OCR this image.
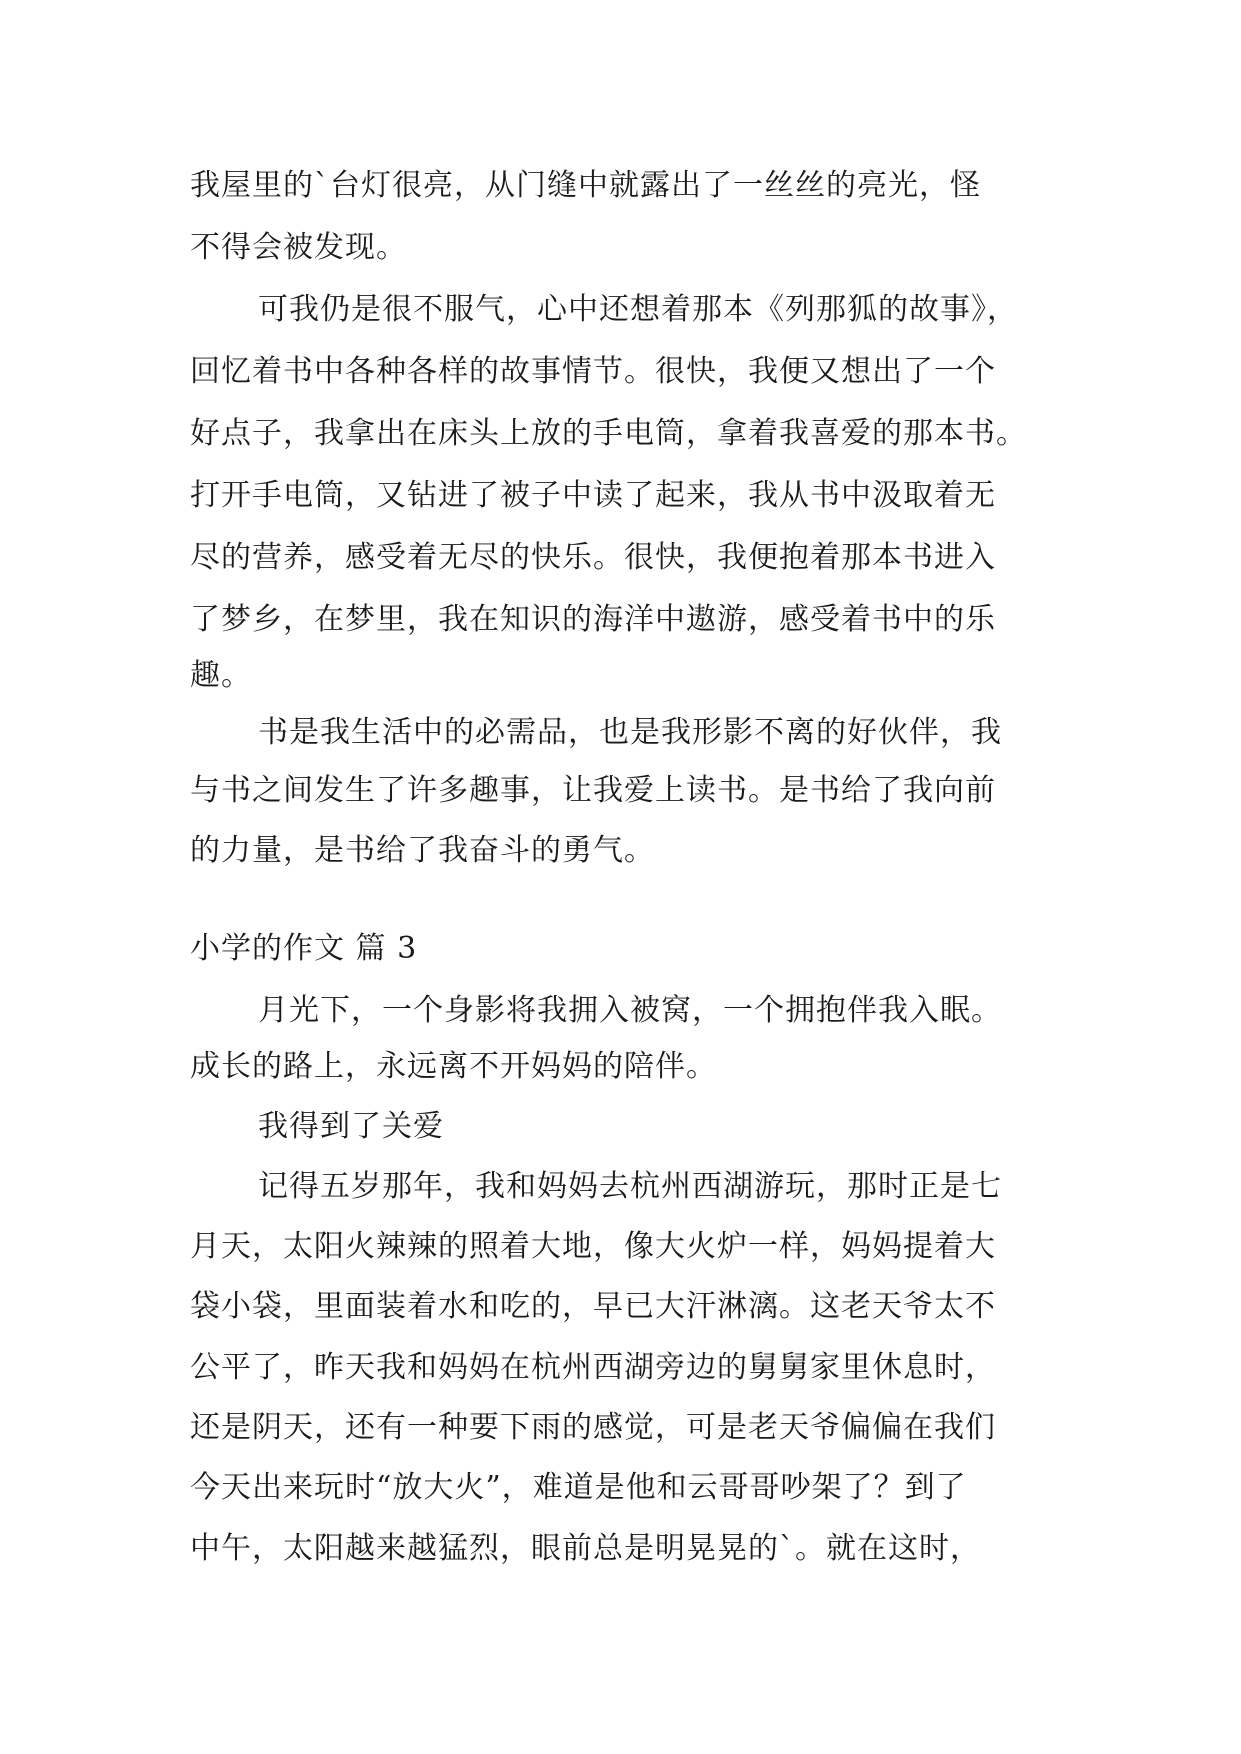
我屋里的`台灯很亮，从门缝中就露出了一丝丝的亮光，怪
不得会被发现。
可我仍是很不服气，心中还想着那本《列那狐的故事》，
回忆着书中各种各样的故事情节。很快，我便又想出了一个
好点子，我拿出在床头上放的手电筒，拿着我喜爱的那本书。
打开手电筒，又钻进了被子中读了起来，我从书中汲取着无
尽的营养，感受着无尽的快乐。很快，我便抱着那本书进入
了梦乡，在梦里，我在知识的海洋中遨游，感受着书中的乐
趣。
书是我生活中的必需品，也是我形影不离的好伙伴，我
与书之间发生了许多趣事，让我爱上读书。是书给了我向前
的力量，是书给了我奋斗的勇气。
小学的作文 篇 3
月光下，一个身影将我拥入被窝，一个拥抱伴我入眠。
成长的路上，永远离不开妈妈的陪伴。
我得到了关爱
记得五岁那年，我和妈妈去杭州西湖游玩，那时正是七
月天，太阳火辣辣的照着大地，像大火炉一样，妈妈提着大
袋小袋，里面装着水和吃的，早已大汗淋漓。这老天爷太不
公平了，昨天我和妈妈在杭州西湖旁边的舅舅家里休息时，
还是阴天，还有一种要下雨的感觉，可是老天爷偏偏在我们
今天出来玩时“放大火”，难道是他和云哥哥吵架了？到了
中午，太阳越来越猛烈，眼前总是明晃晃的`。就在这时，
